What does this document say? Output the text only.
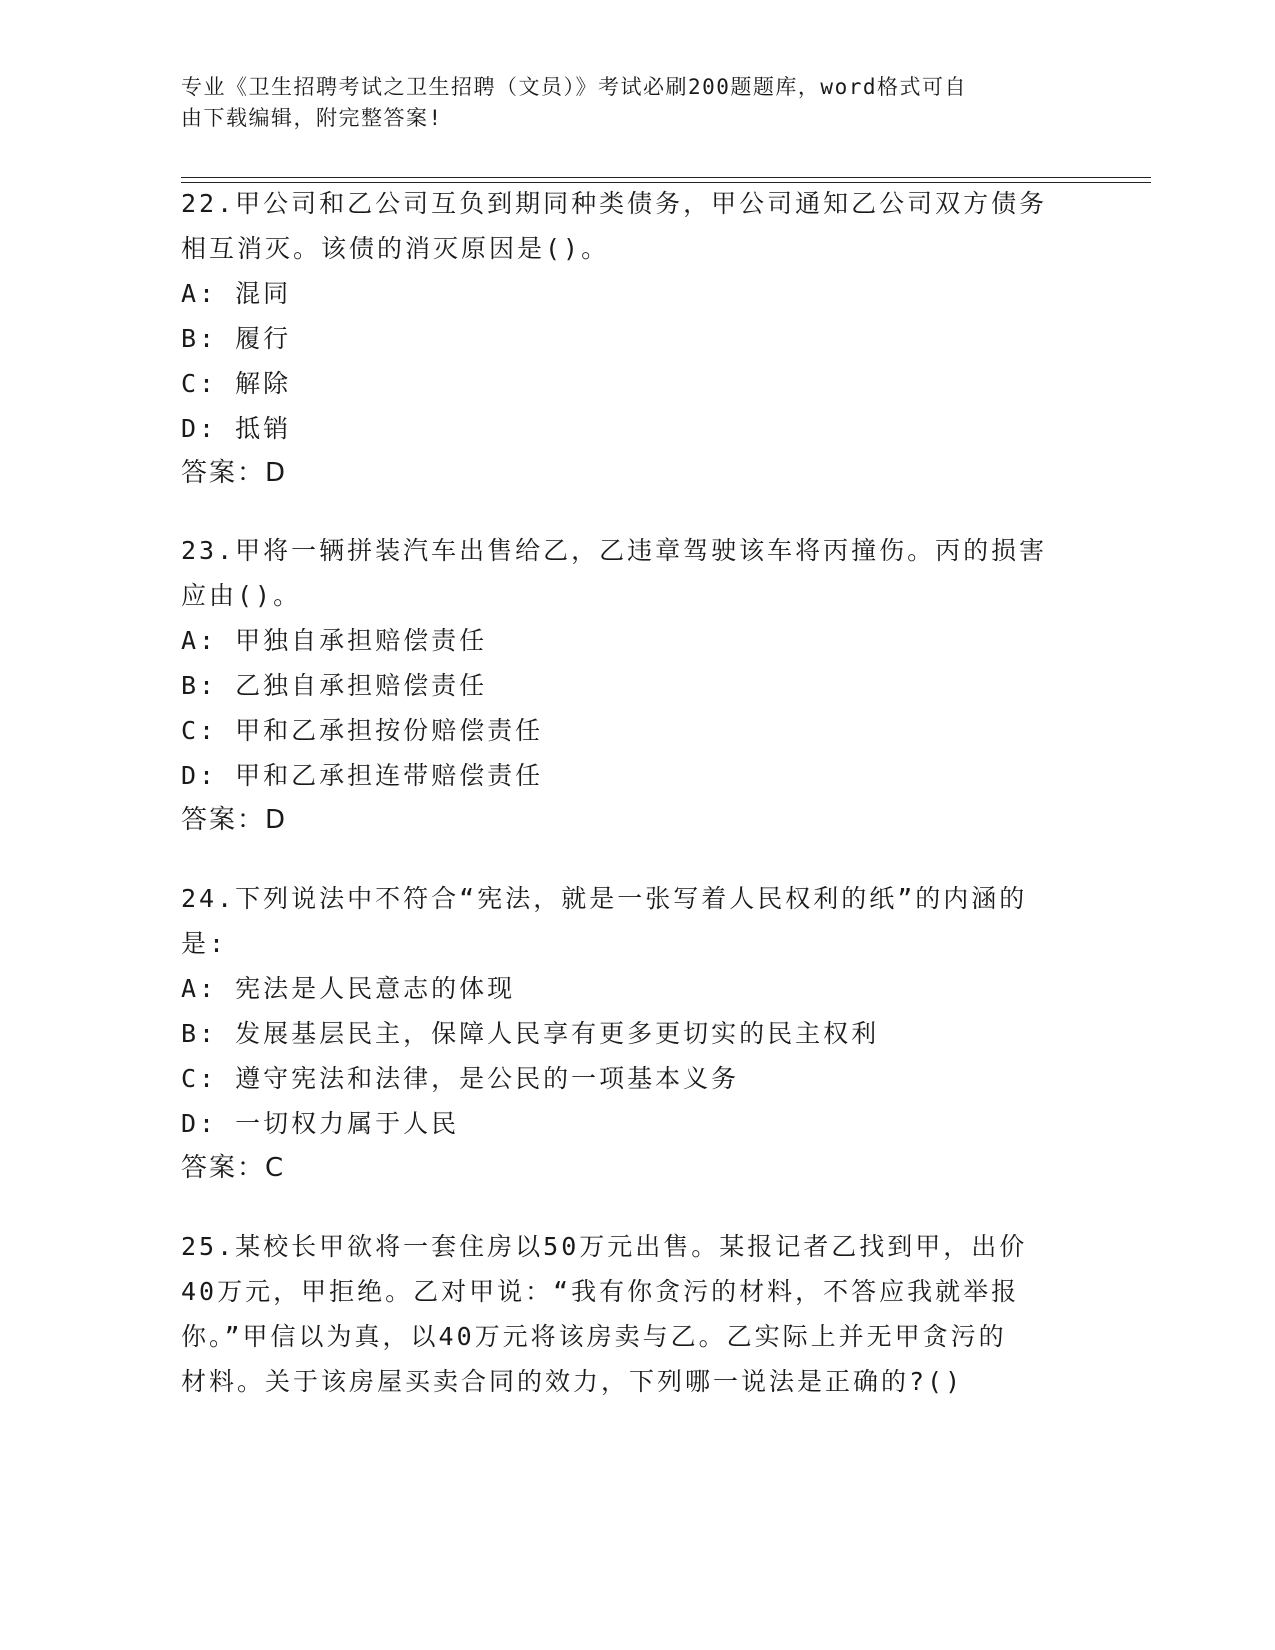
专业《卫生招聘考试之卫生招聘（文员）》考试必刷200题题库，word格式可自
由下载编辑，附完整答案!

22.甲公司和乙公司互负到期同种类债务，甲公司通知乙公司双方债务

相互消灭。该债的消灭原因是()。

A: 混同

B: 履行

C: 解除

D: 抵销

答案：D

23.甲将一辆拼装汽车出售给乙，乙违章驾驶该车将丙撞伤。丙的损害

应由()。

A: 甲独自承担赔偿责任

B: 乙独自承担赔偿责任

C: 甲和乙承担按份赔偿责任

D: 甲和乙承担连带赔偿责任

答案：D

24.下列说法中不符合“宪法，就是一张写着人民权利的纸”的内涵的

是:

A: 宪法是人民意志的体现

B: 发展基层民主，保障人民享有更多更切实的民主权利

C: 遵守宪法和法律，是公民的一项基本义务

D: 一切权力属于人民

答案：C

25.某校长甲欲将一套住房以50万元出售。某报记者乙找到甲，出价

40万元，甲拒绝。乙对甲说：“我有你贪污的材料，不答应我就举报

你。”甲信以为真，以40万元将该房卖与乙。乙实际上并无甲贪污的

材料。关于该房屋买卖合同的效力，下列哪一说法是正确的?()
